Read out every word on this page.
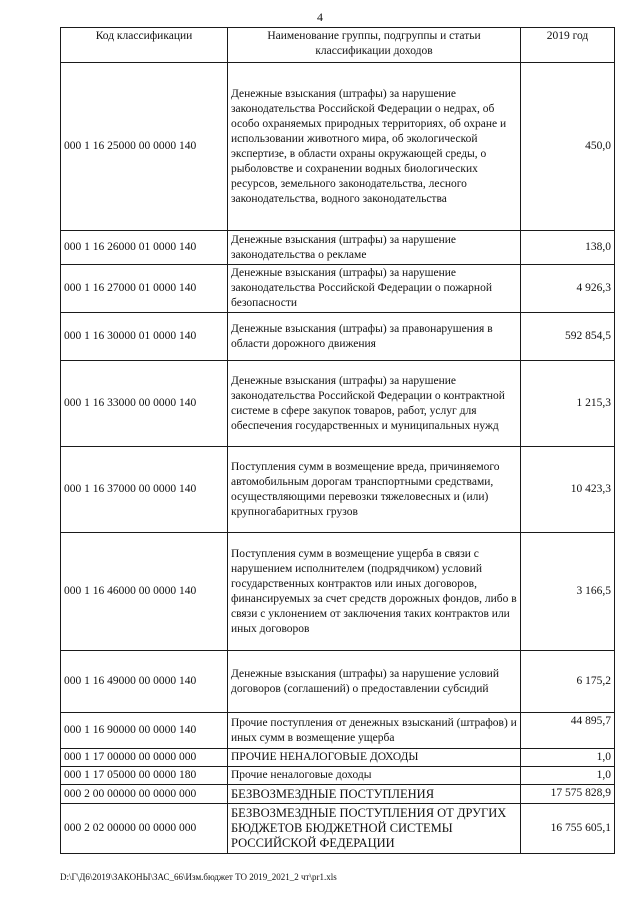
4
Код классификации	Наименование группы, подгруппы и статьи классификации доходов	2019 год
000 1 16 25000 00 0000 140	Денежные взыскания (штрафы) за нарушение законодательства Российской Федерации о недрах, об особо охраняемых природных территориях, об охране и использовании животного мира, об экологической экспертизе, в области охраны окружающей среды, о рыболовстве и сохранении водных биологических ресурсов, земельного законодательства, лесного законодательства, водного законодательства	450,0
000 1 16 26000 01 0000 140	Денежные взыскания (штрафы) за нарушение законодательства о рекламе	138,0
000 1 16 27000 01 0000 140	Денежные взыскания (штрафы) за нарушение законодательства Российской Федерации о пожарной безопасности	4 926,3
000 1 16 30000 01 0000 140	Денежные взыскания (штрафы) за правонарушения в области дорожного движения	592 854,5
000 1 16 33000 00 0000 140	Денежные взыскания (штрафы) за нарушение законодательства Российской Федерации о контрактной системе в сфере закупок товаров, работ, услуг для обеспечения государственных и муниципальных нужд	1 215,3
000 1 16 37000 00 0000 140	Поступления сумм в возмещение вреда, причиняемого автомобильным дорогам транспортными средствами, осуществляющими перевозки тяжеловесных и (или) крупногабаритных грузов	10 423,3
000 1 16 46000 00 0000 140	Поступления сумм в возмещение ущерба в связи с нарушением исполнителем (подрядчиком) условий государственных контрактов или иных договоров, финансируемых за счет средств дорожных фондов, либо в связи с уклонением от заключения таких контрактов или иных договоров	3 166,5
000 1 16 49000 00 0000 140	Денежные взыскания (штрафы) за нарушение условий договоров (соглашений) о предоставлении субсидий	6 175,2
000 1 16 90000 00 0000 140	Прочие поступления от денежных взысканий (штрафов) и иных сумм в возмещение ущерба	44 895,7
000 1 17 00000 00 0000 000	ПРОЧИЕ НЕНАЛОГОВЫЕ ДОХОДЫ	1,0
000 1 17 05000 00 0000 180	Прочие неналоговые доходы	1,0
000 2 00 00000 00 0000 000	БЕЗВОЗМЕЗДНЫЕ ПОСТУПЛЕНИЯ	17 575 828,9
000 2 02 00000 00 0000 000	БЕЗВОЗМЕЗДНЫЕ ПОСТУПЛЕНИЯ ОТ ДРУГИХ БЮДЖЕТОВ БЮДЖЕТНОЙ СИСТЕМЫ РОССИЙСКОЙ ФЕДЕРАЦИИ	16 755 605,1
D:\Г\Д6\2019\ЗАКОНЫ\ЗАС_66\Изм.бюджет ТО 2019_2021_2 чт\pr1.xls
